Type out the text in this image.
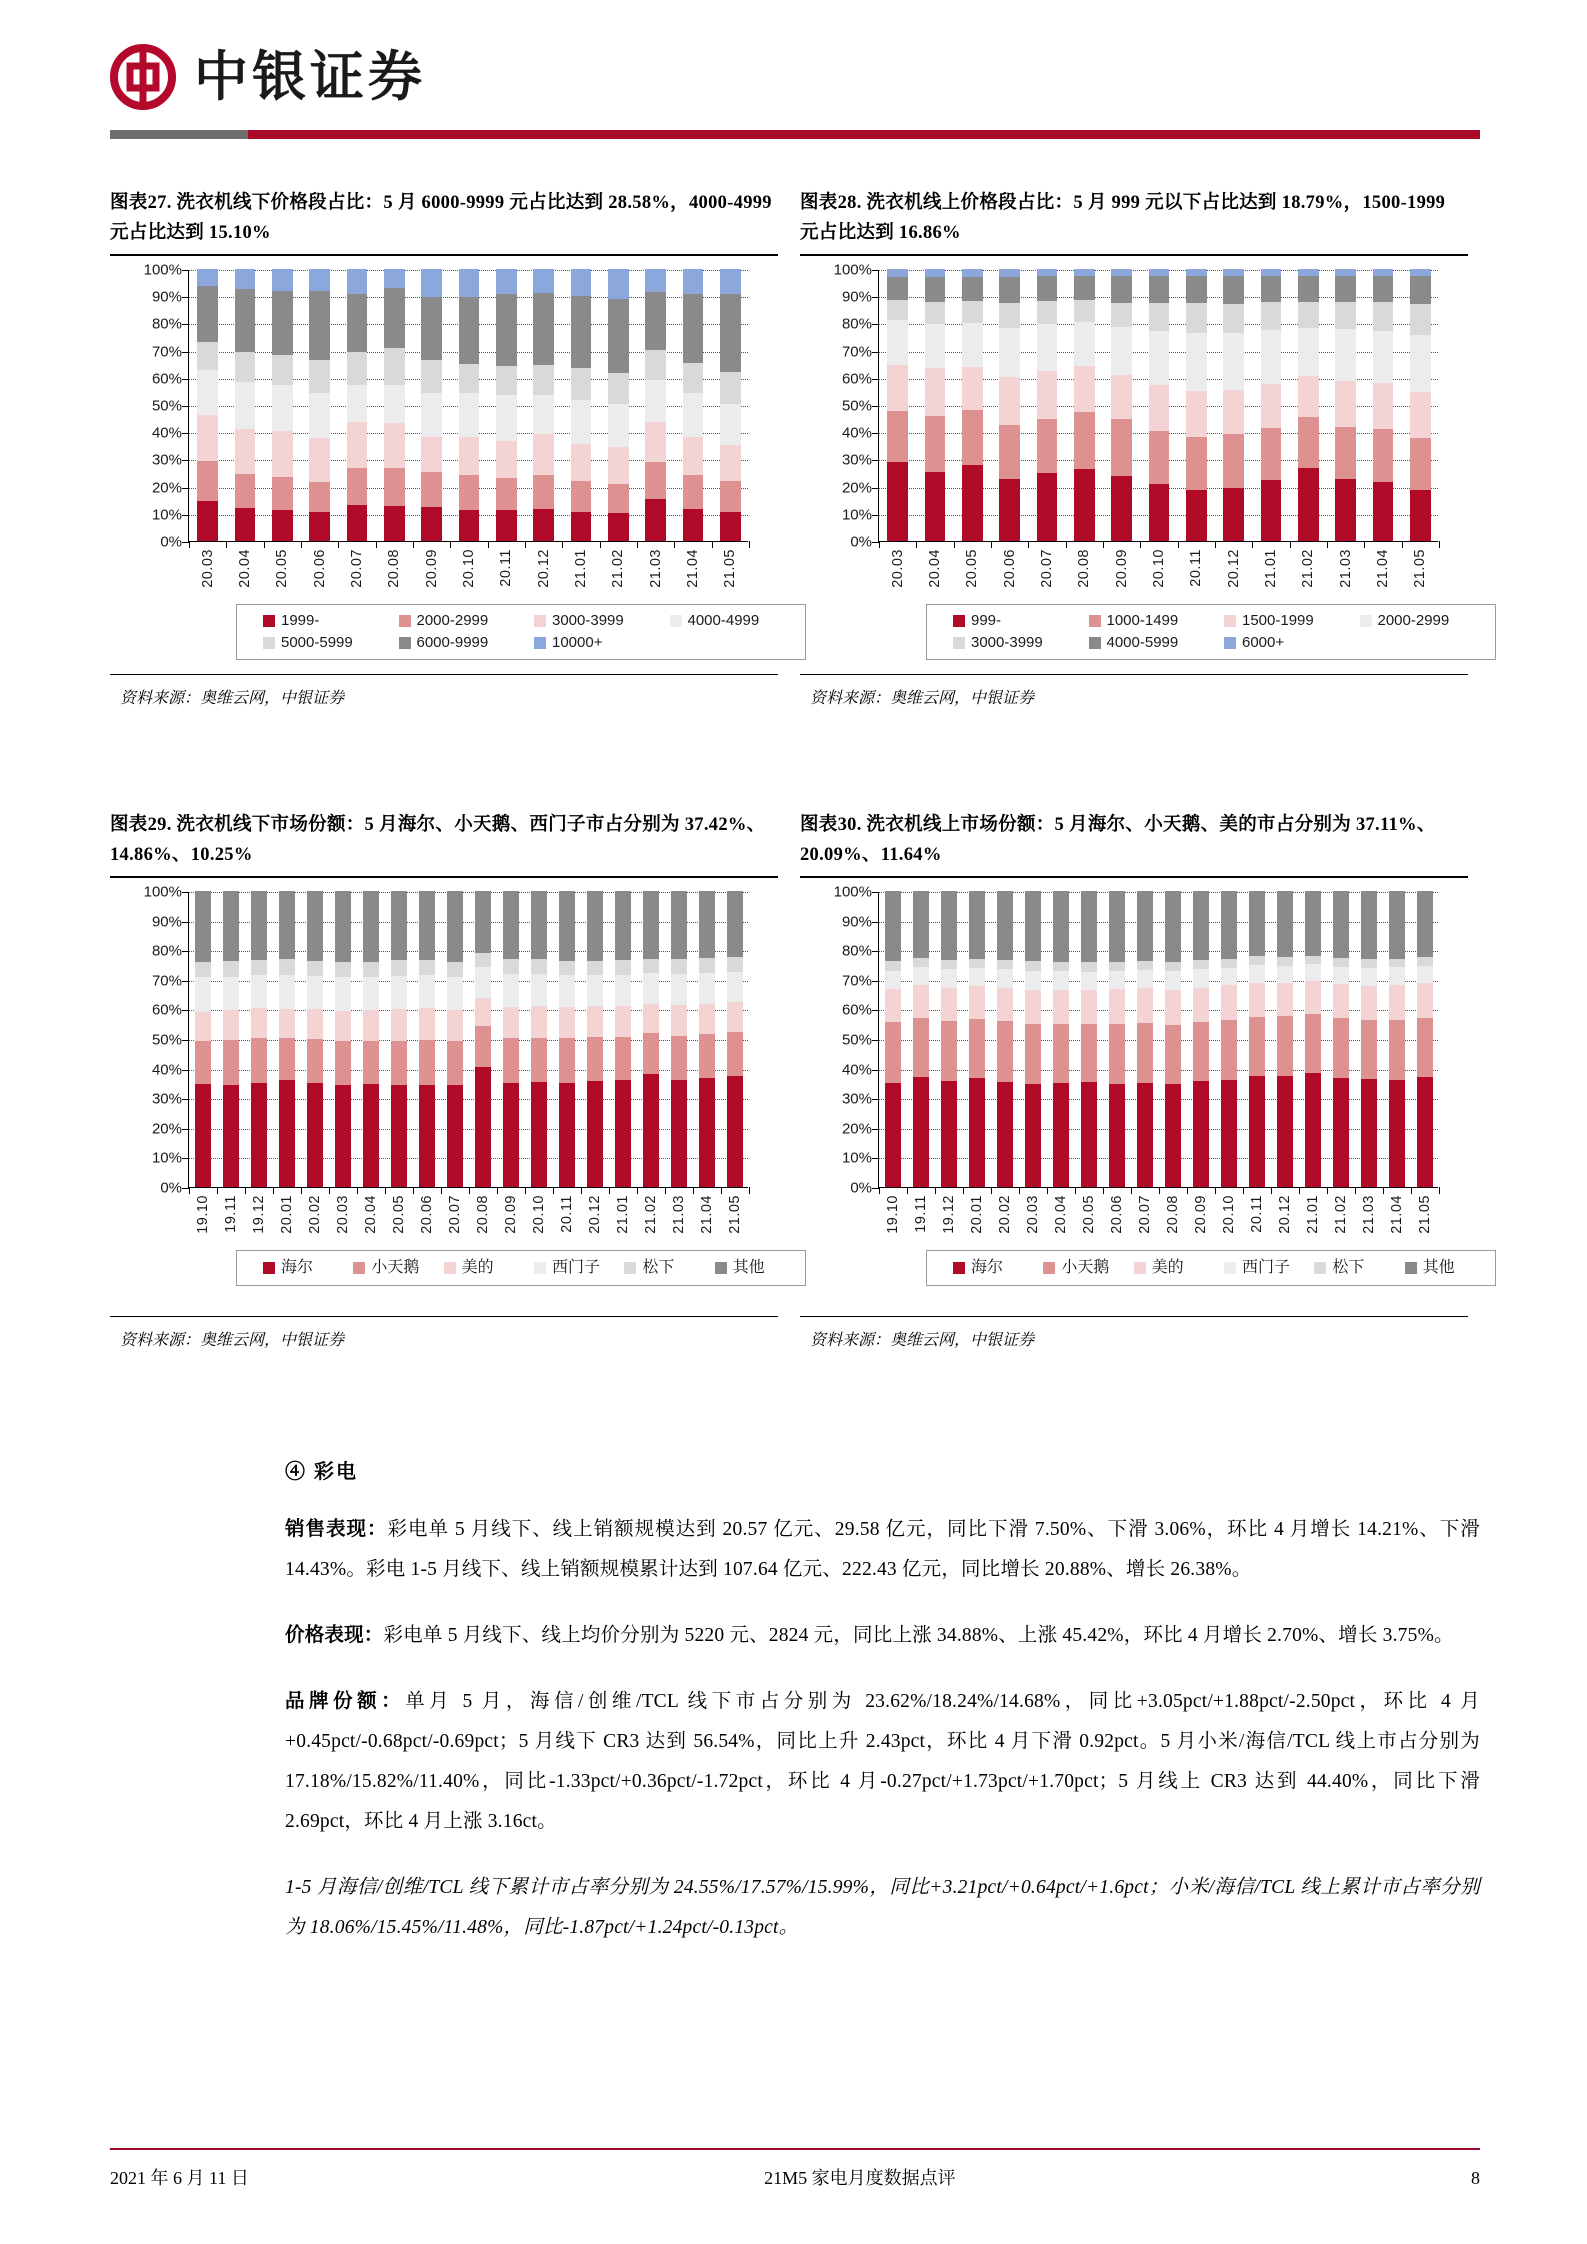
中银证券
图表27. 洗衣机线下价格段占比：5 月 6000-9999 元占比达到 28.58%，4000-4999 元占比达到 15.10%
0%
10%
20%
30%
40%
50%
60%
70%
80%
90%
100%
20.03 20.04 20.05 20.06 20.07 20.08 20.09 20.10 20.11 20.12 21.01 21.02 21.03 21.04 21.05
1999-	2000-2999	3000-3999	4000-4999
5000-5999	6000-9999	10000+
资料来源：奥维云网，中银证券
图表28. 洗衣机线上价格段占比：5 月 999 元以下占比达到 18.79%，1500-1999 元占比达到 16.86%
0%
10%
20%
30%
40%
50%
60%
70%
80%
90%
100%
20.03 20.04 20.05 20.06 20.07 20.08 20.09 20.10 20.11 20.12 21.01 21.02 21.03 21.04 21.05
999-	1000-1499	1500-1999	2000-2999
3000-3999	4000-5999	6000+
资料来源：奥维云网，中银证券
图表29. 洗衣机线下市场份额：5 月海尔、小天鹅、西门子市占分别为 37.42%、14.86%、10.25%
0%
10%
20%
30%
40%
50%
60%
70%
80%
90%
100%
19.10 19.11 19.12 20.01 20.02 20.03 20.04 20.05 20.06 20.07 20.08 20.09 20.10 20.11 20.12 21.01 21.02 21.03 21.04 21.05
海尔	小天鹅	美的	西门子	松下	其他
资料来源：奥维云网，中银证券
图表30. 洗衣机线上市场份额：5 月海尔、小天鹅、美的市占分别为 37.11%、20.09%、11.64%
0%
10%
20%
30%
40%
50%
60%
70%
80%
90%
100%
19.10 19.11 19.12 20.01 20.02 20.03 20.04 20.05 20.06 20.07 20.08 20.09 20.10 20.11 20.12 21.01 21.02 21.03 21.04 21.05
海尔	小天鹅	美的	西门子	松下	其他
资料来源：奥维云网，中银证券
④ 彩电
销售表现：彩电单 5 月线下、线上销额规模达到 20.57 亿元、29.58 亿元，同比下滑 7.50%、下滑 3.06%，环比 4 月增长 14.21%、下滑 14.43%。彩电 1-5 月线下、线上销额规模累计达到 107.64 亿元、222.43 亿元，同比增长 20.88%、增长 26.38%。
价格表现：彩电单 5 月线下、线上均价分别为 5220 元、2824 元，同比上涨 34.88%、上涨 45.42%，环比 4 月增长 2.70%、增长 3.75%。
品牌份额：单月 5 月，海信/创维/TCL 线下市占分别为 23.62%/18.24%/14.68%，同比+3.05pct/+1.88pct/-2.50pct，环比 4 月+0.45pct/-0.68pct/-0.69pct；5 月线下 CR3 达到 56.54%，同比上升 2.43pct，环比 4 月下滑 0.92pct。5 月小米/海信/TCL 线上市占分别为 17.18%/15.82%/11.40%，同比-1.33pct/+0.36pct/-1.72pct，环比 4 月-0.27pct/+1.73pct/+1.70pct；5 月线上 CR3 达到 44.40%，同比下滑 2.69pct，环比 4 月上涨 3.16ct。
1-5 月海信/创维/TCL 线下累计市占率分别为 24.55%/17.57%/15.99%，同比+3.21pct/+0.64pct/+1.6pct；小米/海信/TCL 线上累计市占率分别为 18.06%/15.45%/11.48%，同比-1.87pct/+1.24pct/-0.13pct。
2021 年 6 月 11 日	21M5 家电月度数据点评	8
